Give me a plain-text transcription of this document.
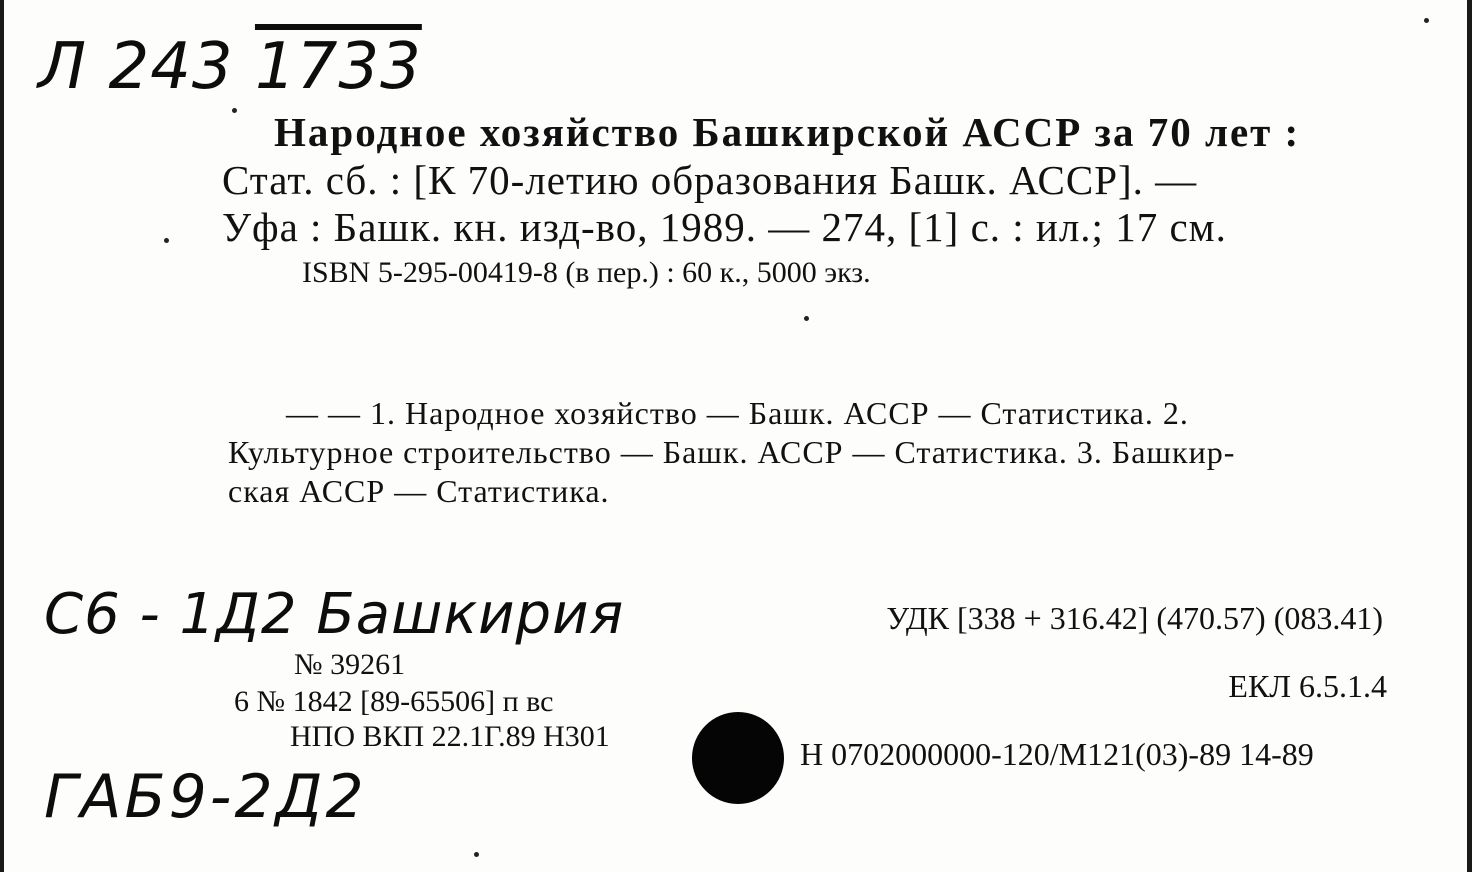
Л 243 1733
Народное хозяйство Башкирской АССР за 70 лет :
Стат. сб. : [К 70-летию образования Башк. АССР]. —
Уфа : Башк. кн. изд-во, 1989. — 274, [1] с. : ил.; 17 см.
ISBN 5-295-00419-8 (в пер.) : 60 к., 5000 экз.
— — 1. Народное хозяйство — Башк. АССР — Статистика. 2.
Культурное строительство — Башк. АССР — Статистика. 3. Башкир-
ская АССР — Статистика.
С6 - 1Д2 Башкирия
№ 39261
6 № 1842 [89-65506] п вс
НПО ВКП 22.1Г.89 Н301
УДК [338 + 316.42] (470.57) (083.41)
ЕКЛ 6.5.1.4
Н 0702000000-120/М121(03)-89 14-89
ГАБ9-2Д2
